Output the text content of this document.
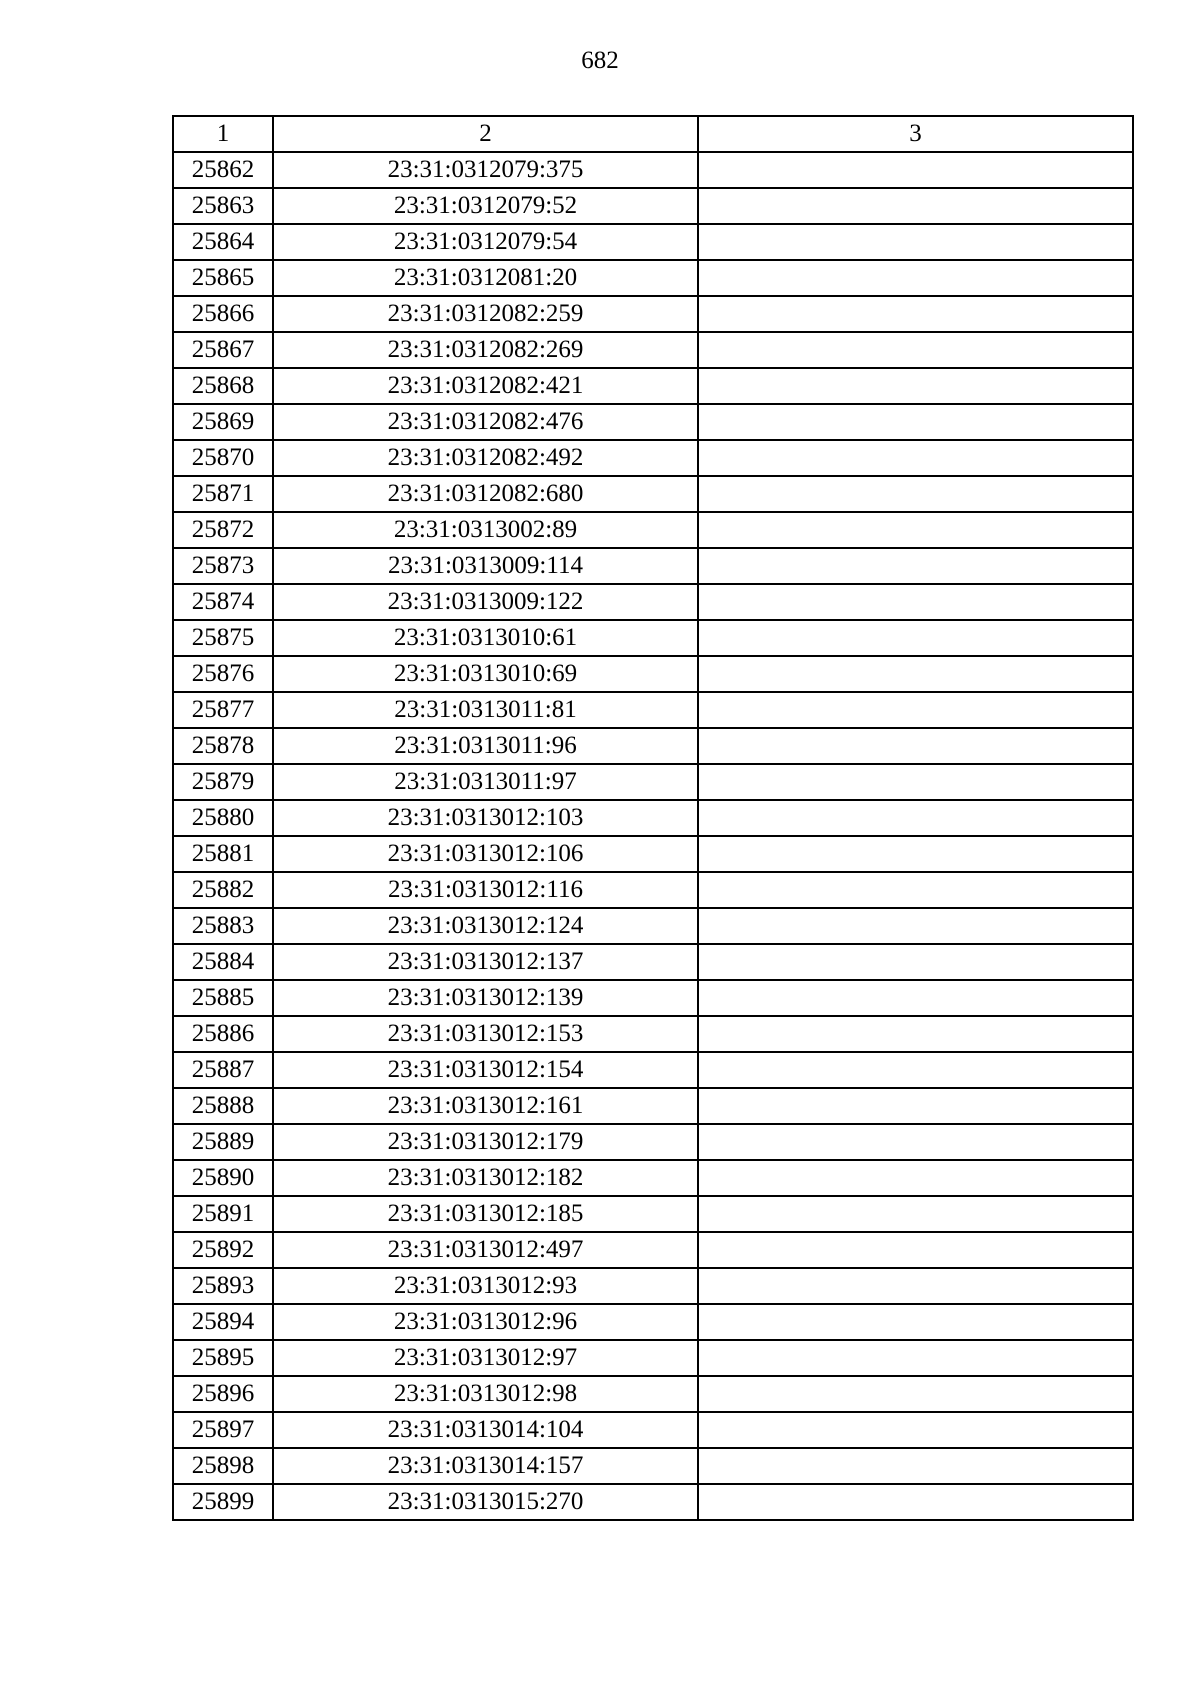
682
1	2	3
25862	23:31:0312079:375	
25863	23:31:0312079:52	
25864	23:31:0312079:54	
25865	23:31:0312081:20	
25866	23:31:0312082:259	
25867	23:31:0312082:269	
25868	23:31:0312082:421	
25869	23:31:0312082:476	
25870	23:31:0312082:492	
25871	23:31:0312082:680	
25872	23:31:0313002:89	
25873	23:31:0313009:114	
25874	23:31:0313009:122	
25875	23:31:0313010:61	
25876	23:31:0313010:69	
25877	23:31:0313011:81	
25878	23:31:0313011:96	
25879	23:31:0313011:97	
25880	23:31:0313012:103	
25881	23:31:0313012:106	
25882	23:31:0313012:116	
25883	23:31:0313012:124	
25884	23:31:0313012:137	
25885	23:31:0313012:139	
25886	23:31:0313012:153	
25887	23:31:0313012:154	
25888	23:31:0313012:161	
25889	23:31:0313012:179	
25890	23:31:0313012:182	
25891	23:31:0313012:185	
25892	23:31:0313012:497	
25893	23:31:0313012:93	
25894	23:31:0313012:96	
25895	23:31:0313012:97	
25896	23:31:0313012:98	
25897	23:31:0313014:104	
25898	23:31:0313014:157	
25899	23:31:0313015:270	
